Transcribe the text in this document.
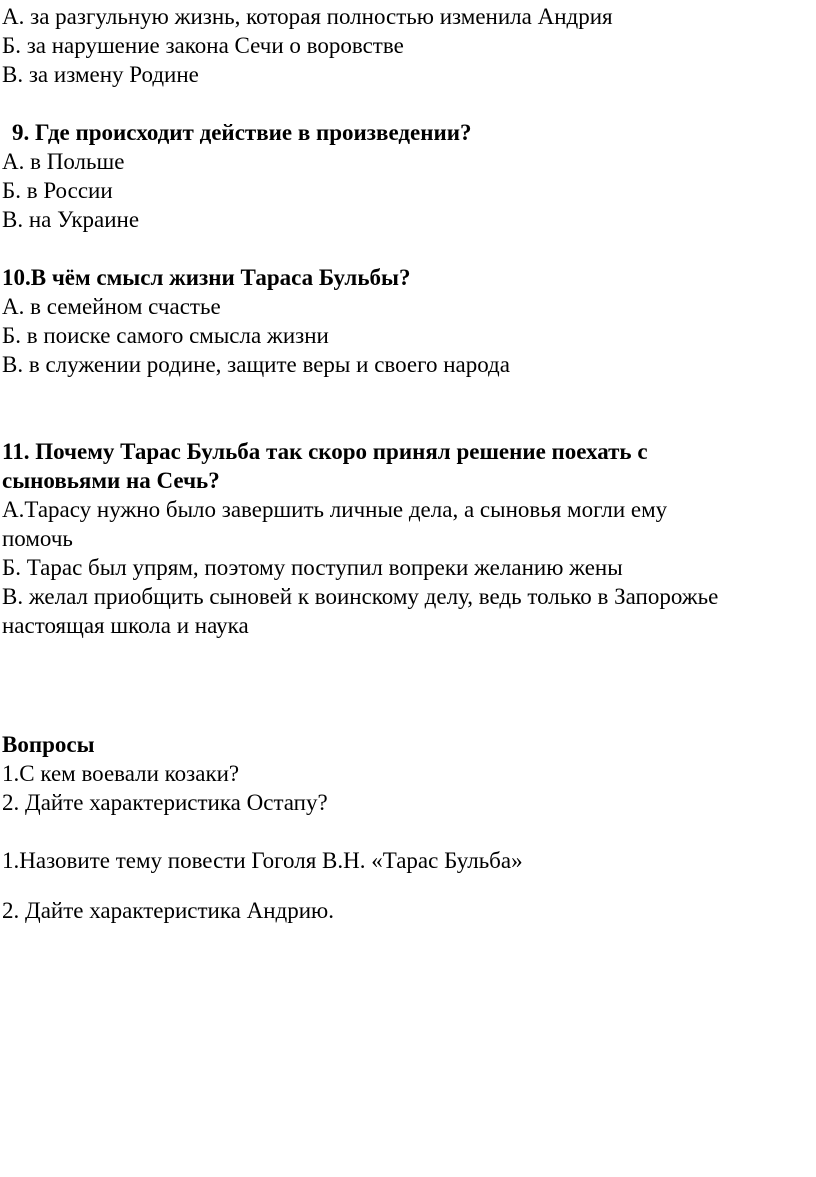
А. за разгульную жизнь, которая полностью изменила Андрия
Б. за нарушение закона Сечи о воровстве
В. за измену Родине
9. Где происходит действие в произведении?
А. в Польше
Б. в России
В. на Украине
10.В чём смысл жизни Тараса Бульбы?
А. в семейном счастье
Б. в поиске самого смысла жизни
В. в служении родине, защите веры и своего народа
11. Почему Тарас Бульба так скоро принял решение поехать с
сыновьями на Сечь?
А.Тарасу нужно было завершить личные дела, а сыновья могли ему
помочь
Б. Тарас был упрям, поэтому поступил вопреки желанию жены
В. желал приобщить сыновей к воинскому делу, ведь только в Запорожье
настоящая школа и наука
Вопросы
1.С кем воевали козаки?
2. Дайте характеристика Остапу?
1.Назовите тему повести Гоголя В.Н. «Тарас Бульба»
2. Дайте характеристика Андрию.
